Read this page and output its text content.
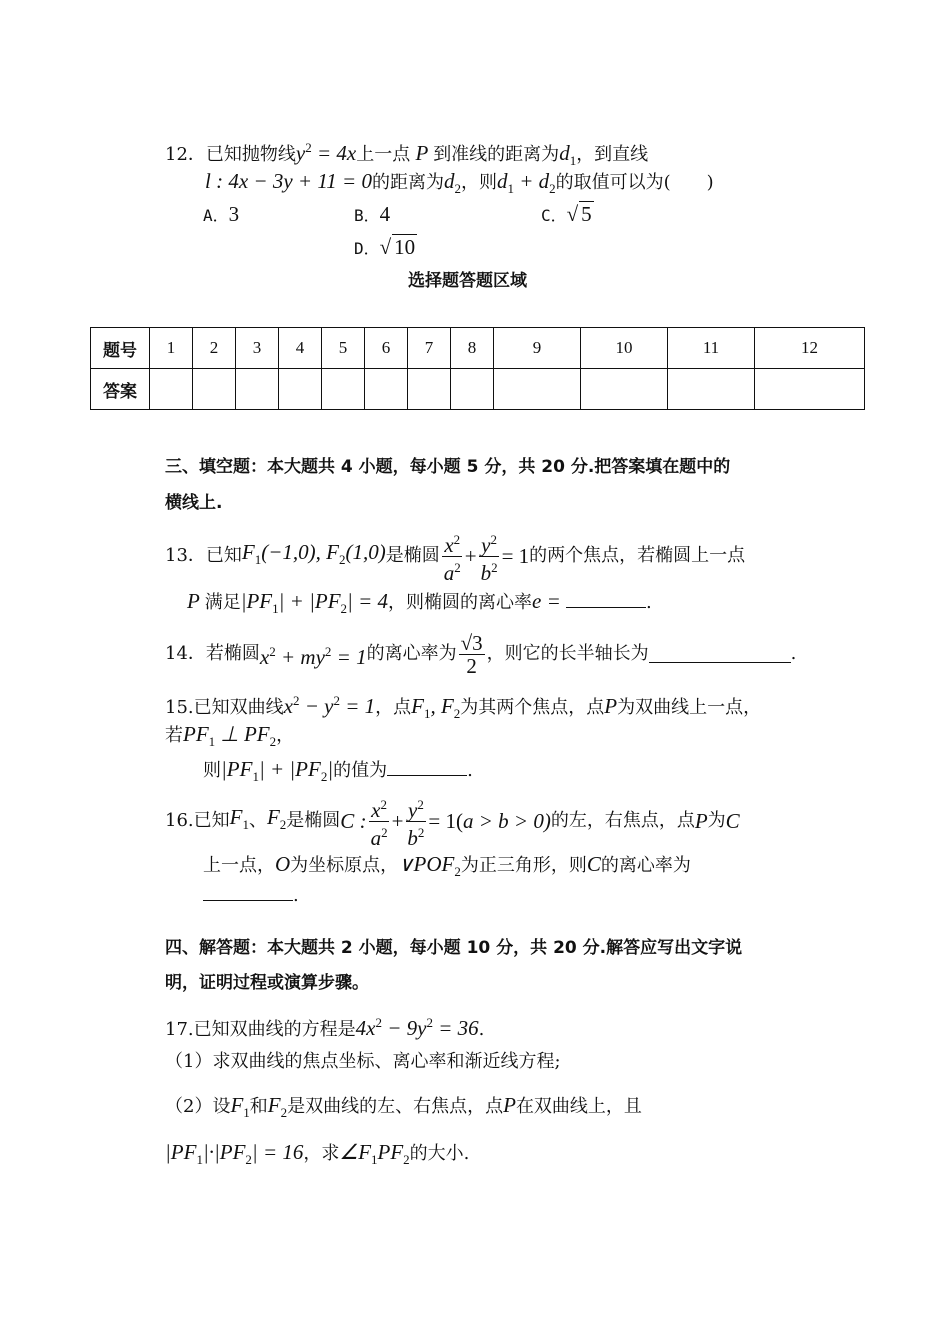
12．已知抛物线$y^2 = 4x$上一点 P 到准线的距离为$d_1$，到直线
l : 4x − 3y + 11 = 0的距离为$d_2$，则$d_1 + d_2$的取值可以为(　　)
A．3	B．4	C．√ 5
D．√ 10
选择题答题区域
题号	1	2	3	4	5	6	7	8	9	10	11	12
答案												
三、填空题：本大题共 4 小题，每小题 5 分，共 20 分.把答案填在题中的
横线上.
13． 已知 $F_1(-1,0)$, $F_2(1,0)$ 是椭圆 $\frac{x^2}{a^2} + \frac{y^2}{b^2} = 1$ 的两个焦点，若椭圆上一点
P 满足$|PF_1| + |PF_2| = 4$，则椭圆的离心率e =	.
14． 若椭圆 $x^2 + my^2 = 1$ 的离心率为 $\frac{√3}{2}$ ，则它的长半轴长为	.
15.已知双曲线$x^2 - y^2 = 1$，点$F_1$, $F_2$为其两个焦点，点P为双曲线上一点，
若$PF_1$ ⊥ $PF_2$，
则$|PF_1| + |PF_2|$的值为	.
16. 已知 $F_1$ 、 $F_2$ 是椭圆 C : $\frac{x^2}{a^2} + \frac{y^2}{b^2} = 1$( a > b > 0) 的左，右焦点，点 P 为 C
上一点，O为坐标原点，$\vee POF_2$为正三角形，则C的离心率为
.
四、解答题：本大题共 2 小题，每小题 10 分，共 20 分.解答应写出文字说
明，证明过程或演算步骤。
17.已知双曲线的方程是$4x^2 - 9y^2 = 36$.
（1）求双曲线的焦点坐标、离心率和渐近线方程;
（2）设$F_1$和$F_2$是双曲线的左、右焦点，点P在双曲线上，且
$|PF_1|\cdot|PF_2| = 16$，求$\angle F_1PF_2$的大小.
